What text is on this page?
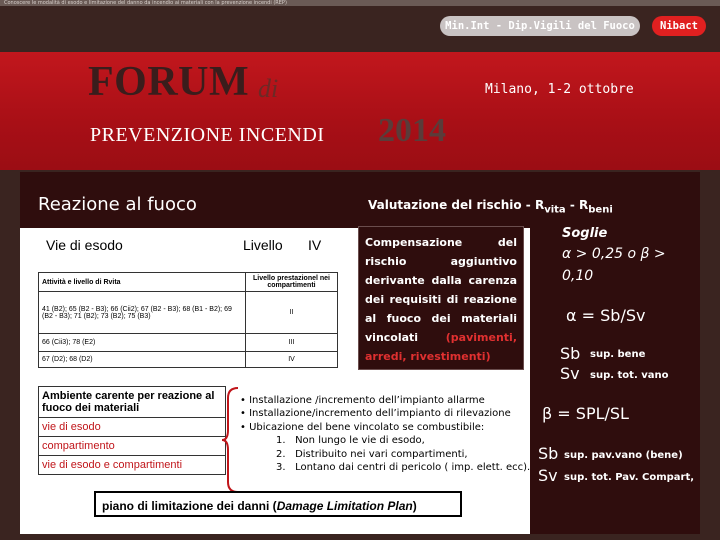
Conoscere le modalità di esodo e limitazione del danno da incendio ai materiali con la prevenzione incendi (REP)
Min.Int - Dip.Vigili del Fuoco	Nibact
FORUM di	Milano, 1-2 ottobre
PREVENZIONE INCENDI 2014
Reazione al fuoco	Valutazione del rischio - $R_{vita} - R_{beni}$
Vie di esodo	Livello IV
Attività e livello di Rvita	Livello prestazionel nei compartimenti
41 (B2); 65 (B2 - B3); 66 (Cii2); 67 (B2 - B3); 68 (B1 - B2); 69 (B2 - B3); 71 (B2); 73 (B2); 75 (B3)	II
66 (Cii3); 78 (E2)	III
67 (D2); 68 (D2)	IV

Compensazione del rischio aggiuntivo derivante dalla carenza dei requisiti di reazione al fuoco dei materiali vincolati	(pavimenti, arredi, rivestimenti)

Ambiente carente per reazione al fuoco dei materiali
vie di esodo
compartimento
vie di esodo e compartimenti
• Installazione /incremento dell’impianto allarme
• Installazione/incremento dell’impianto di rilevazione
• Ubicazione del bene vincolato se combustibile:
1.   Non lungo le vie di esodo,
2.   Distribuito nei vari compartimenti,
3.   Lontano dai centri di pericolo ( imp. elett. ecc).
piano di limitazione dei danni (Damage Limitation Plan)
Soglie
α > 0,25 o β >
0,10
α = Sb/Sv
Sb sup. bene
Sv sup. tot. vano
β = SPL/SL
Sb sup. pav.vano (bene)
Sv sup. tot. Pav. Compart,
